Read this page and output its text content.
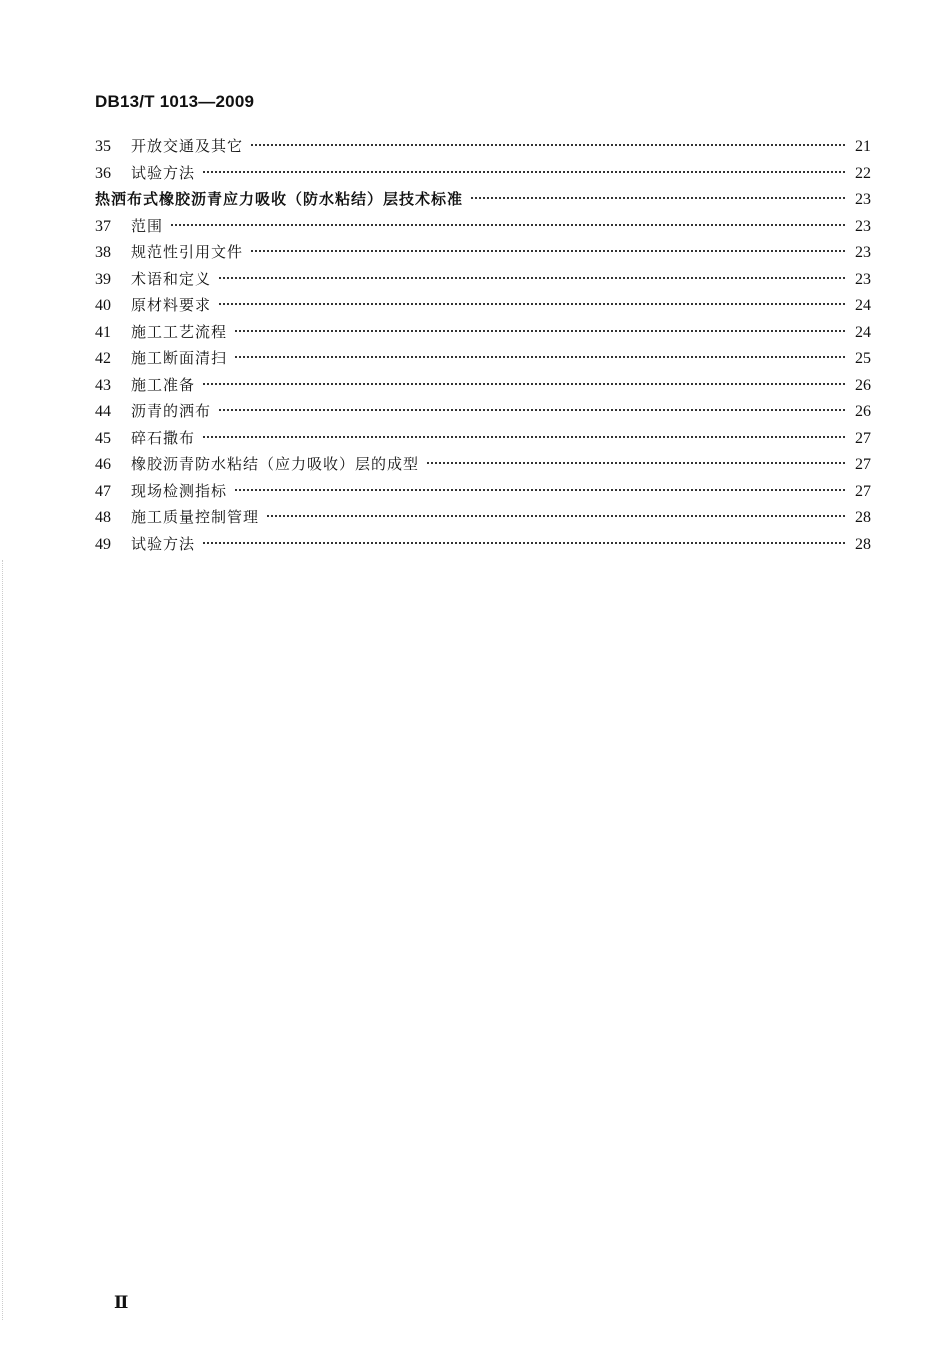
DB13/T 1013—2009
35	开放交通及其它	21
36	试验方法	22
热洒布式橡胶沥青应力吸收（防水粘结）层技术标准	23
37	范围	23
38	规范性引用文件	23
39	术语和定义	23
40	原材料要求	24
41	施工工艺流程	24
42	施工断面清扫	25
43	施工准备	26
44	沥青的洒布	26
45	碎石撒布	27
46	橡胶沥青防水粘结（应力吸收）层的成型	27
47	现场检测指标	27
48	施工质量控制管理	28
49	试验方法	28
Ⅱ
